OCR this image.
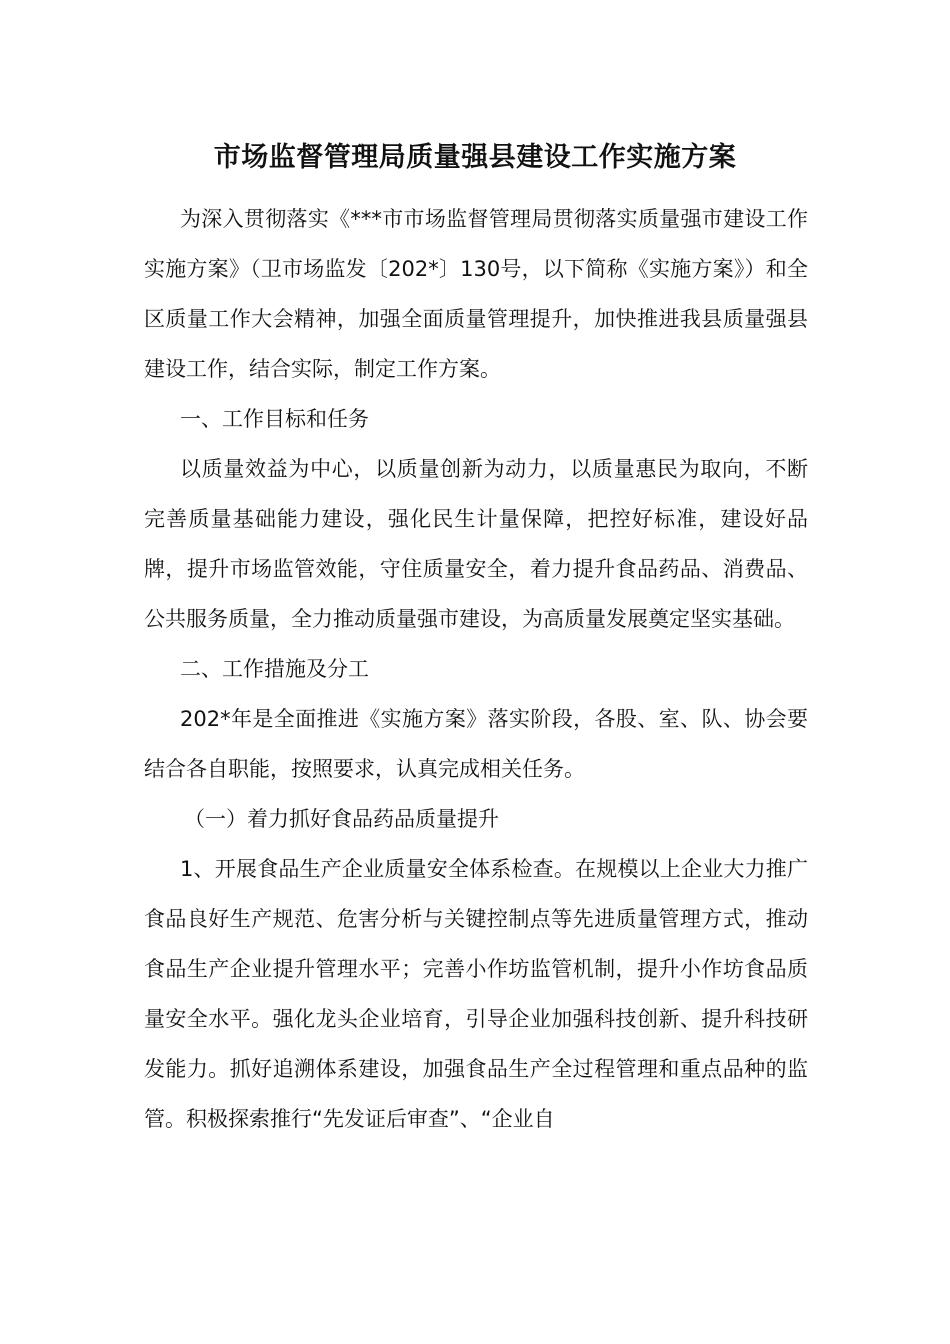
市场监督管理局质量强县建设工作实施方案

为深入贯彻落实《***市市场监督管理局贯彻落实质量强市建设工作实施方案》（卫市场监发〔202*〕130号，以下简称《实施方案》）和全区质量工作大会精神，加强全面质量管理提升，加快推进我县质量强县建设工作，结合实际，制定工作方案。

一、工作目标和任务

以质量效益为中心，以质量创新为动力，以质量惠民为取向，不断完善质量基础能力建设，强化民生计量保障，把控好标准，建设好品牌，提升市场监管效能，守住质量安全，着力提升食品药品、消费品、公共服务质量，全力推动质量强市建设，为高质量发展奠定坚实基础。

二、工作措施及分工

202*年是全面推进《实施方案》落实阶段，各股、室、队、协会要结合各自职能，按照要求，认真完成相关任务。

（一）着力抓好食品药品质量提升

1、开展食品生产企业质量安全体系检查。在规模以上企业大力推广食品良好生产规范、危害分析与关键控制点等先进质量管理方式，推动食品生产企业提升管理水平；完善小作坊监管机制，提升小作坊食品质量安全水平。强化龙头企业培育，引导企业加强科技创新、提升科技研发能力。抓好追溯体系建设，加强食品生产全过程管理和重点品种的监管。积极探索推行“先发证后审查”、“企业自
